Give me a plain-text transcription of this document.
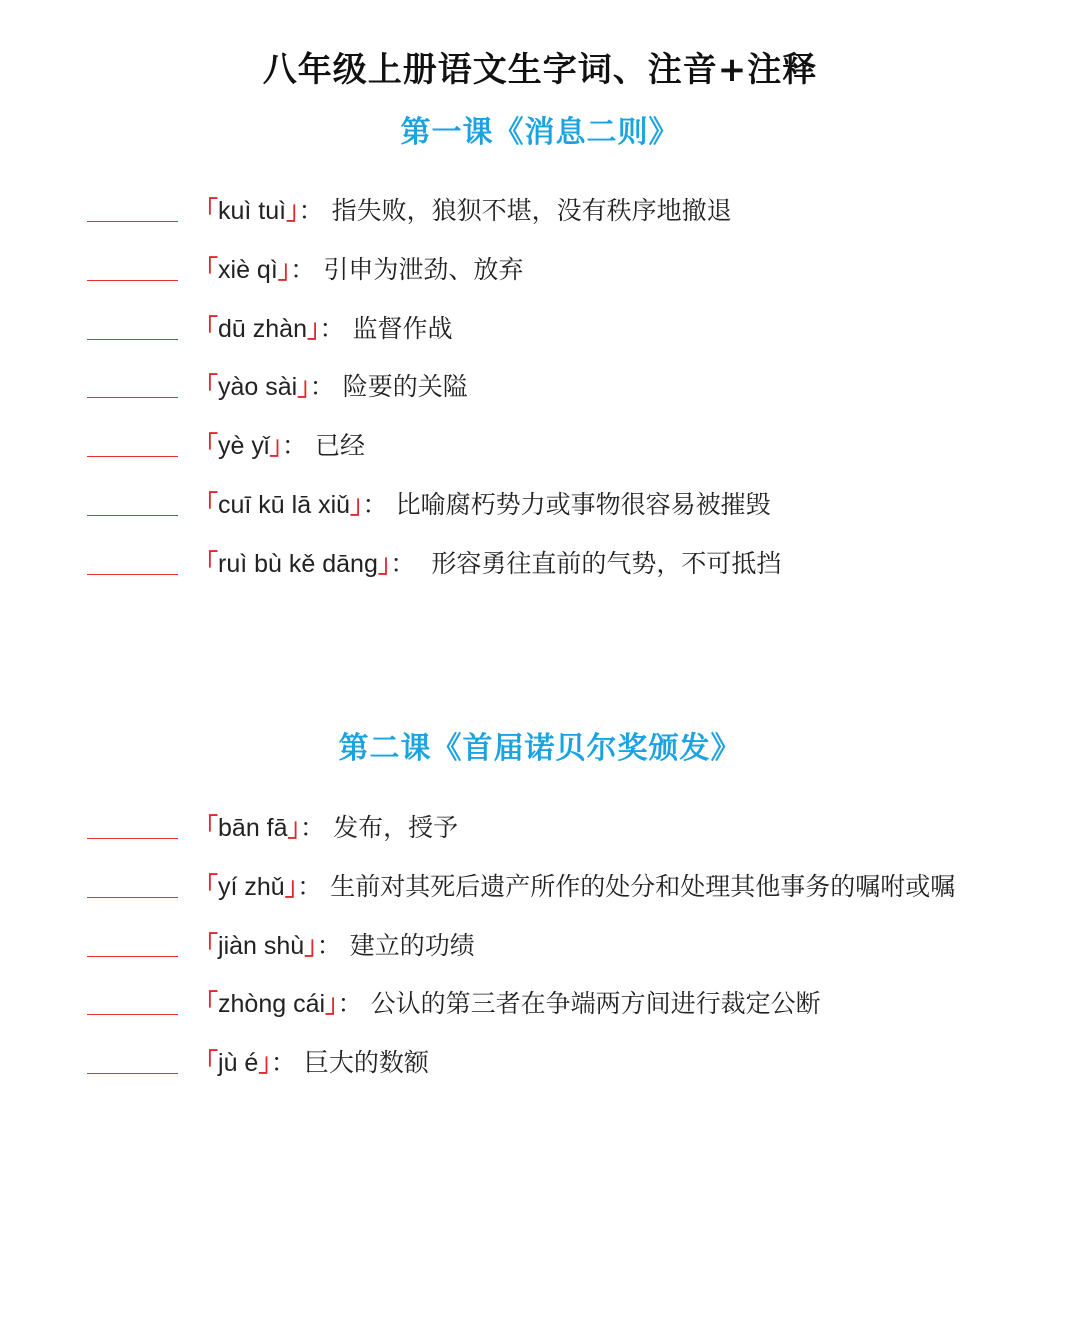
八年级上册语文生字词、注音+注释
第一课《消息二则》
「kuì tuì」： 指失败，狼狈不堪，没有秩序地撤退
「xiè qì」： 引申为泄劲、放弃
「dū zhàn」： 监督作战
「yào sài」： 险要的关隘
「yè yǐ」： 已经
「cuī kū lā xiǔ」： 比喻腐朽势力或事物很容易被摧毁
「ruì bù kě dāng」： 形容勇往直前的气势，不可抵挡
第二课《首届诺贝尔奖颁发》
「bān fā」： 发布，授予
「yí zhǔ」： 生前对其死后遗产所作的处分和处理其他事务的嘱咐或嘱
「jiàn shù」： 建立的功绩
「zhòng cái」： 公认的第三者在争端两方间进行裁定公断
「jù é」： 巨大的数额
